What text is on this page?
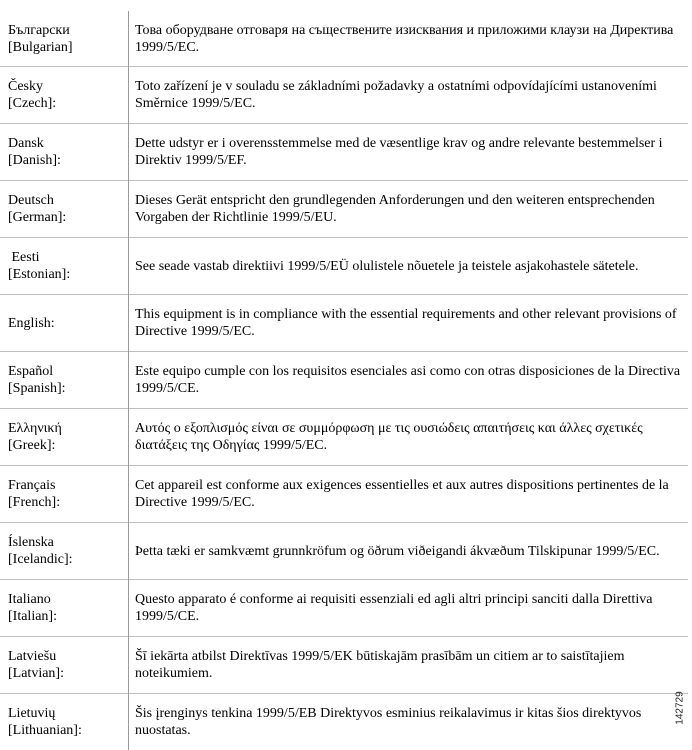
Български
[Bulgarian]	Това оборудване отговаря на съществените изисквания и приложими клаузи на Директива 1999/5/ЕС.

Česky
[Czech]:	Toto zařízení je v souladu se základními požadavky a ostatními odpovídajícími ustanoveními Směrnice 1999/5/EC.

Dansk
[Danish]:	Dette udstyr er i overensstemmelse med de væsentlige krav og andre relevante bestemmelser i Direktiv 1999/5/EF.

Deutsch
[German]:	Dieses Gerät entspricht den grundlegenden Anforderungen und den weiteren entsprechenden Vorgaben der Richtlinie 1999/5/EU.

Eesti
[Estonian]:	See seade vastab direktiivi 1999/5/EÜ olulistele nõuetele ja teistele asjakohastele sätetele.

English:	This equipment is in compliance with the essential requirements and other relevant provisions of Directive 1999/5/EC.

Español
[Spanish]:	Este equipo cumple con los requisitos esenciales asi como con otras disposiciones de la Directiva 1999/5/CE.

Ελληνική
[Greek]:	Αυτός ο εξοπλισμός είναι σε συμμόρφωση με τις ουσιώδεις απαιτήσεις και άλλες σχετικές διατάξεις της Οδηγίας 1999/5/EC.

Français
[French]:	Cet appareil est conforme aux exigences essentielles et aux autres dispositions pertinentes de la Directive 1999/5/EC.

Íslenska
[Icelandic]:	Þetta tæki er samkvæmt grunnkröfum og öðrum viðeigandi ákvæðum Tilskipunar 1999/5/EC.

Italiano
[Italian]:	Questo apparato é conforme ai requisiti essenziali ed agli altri principi sanciti dalla Direttiva 1999/5/CE.

Latviešu
[Latvian]:	Šī iekārta atbilst Direktīvas 1999/5/EK būtiskajām prasībām un citiem ar to saistītajiem noteikumiem.

Lietuvių
[Lithuanian]:	Šis įrenginys tenkina 1999/5/EB Direktyvos esminius reikalavimus ir kitas šios direktyvos nuostatas.
142729
